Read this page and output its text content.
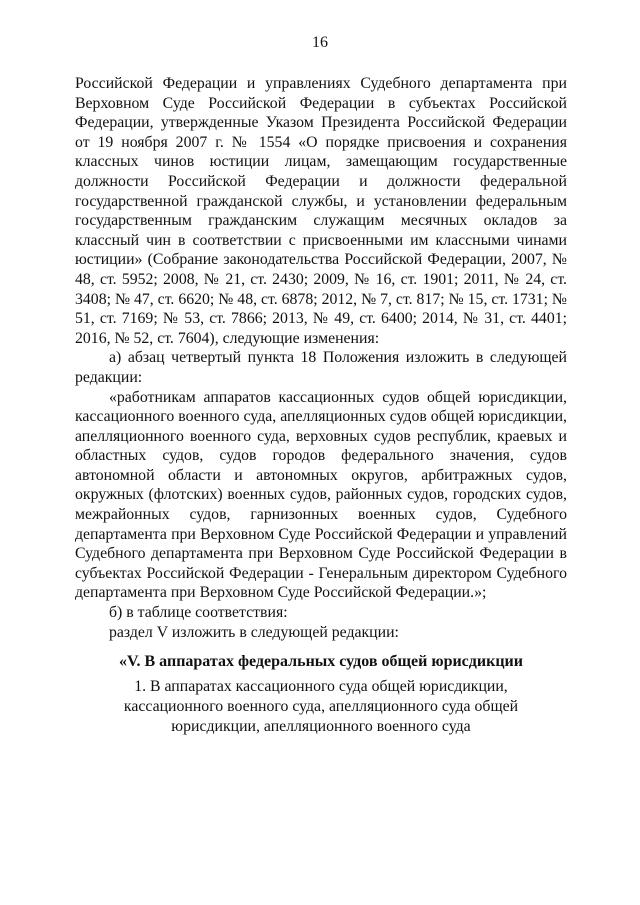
16

Российской Федерации и управлениях Судебного департамента при Верховном Суде Российской Федерации в субъектах Российской Федерации, утвержденные Указом Президента Российской Федерации от 19 ноября 2007 г. № 1554 «О порядке присвоения и сохранения классных чинов юстиции лицам, замещающим государственные должности Российской Федерации и должности федеральной государственной гражданской службы, и установлении федеральным государственным гражданским служащим месячных окладов за классный чин в соответствии с присвоенными им классными чинами юстиции» (Собрание законодательства Российской Федерации, 2007, № 48, ст. 5952; 2008, № 21, ст. 2430; 2009, № 16, ст. 1901; 2011, № 24, ст. 3408; № 47, ст. 6620; № 48, ст. 6878; 2012, № 7, ст. 817; № 15, ст. 1731; № 51, ст. 7169; № 53, ст. 7866; 2013, № 49, ст. 6400; 2014, № 31, ст. 4401; 2016, № 52, ст. 7604), следующие изменения:

а) абзац четвертый пункта 18 Положения изложить в следующей редакции:

«работникам аппаратов кассационных судов общей юрисдикции, кассационного военного суда, апелляционных судов общей юрисдикции, апелляционного военного суда, верховных судов республик, краевых и областных судов, судов городов федерального значения, судов автономной области и автономных округов, арбитражных судов, окружных (флотских) военных судов, районных судов, городских судов, межрайонных судов, гарнизонных военных судов, Судебного департамента при Верховном Суде Российской Федерации и управлений Судебного департамента при Верховном Суде Российской Федерации в субъектах Российской Федерации - Генеральным директором Судебного департамента при Верховном Суде Российской Федерации.»;

б) в таблице соответствия:

раздел V изложить в следующей редакции:

«V. В аппаратах федеральных судов общей юрисдикции

1. В аппаратах кассационного суда общей юрисдикции,

кассационного военного суда, апелляционного суда общей

юрисдикции, апелляционного военного суда
